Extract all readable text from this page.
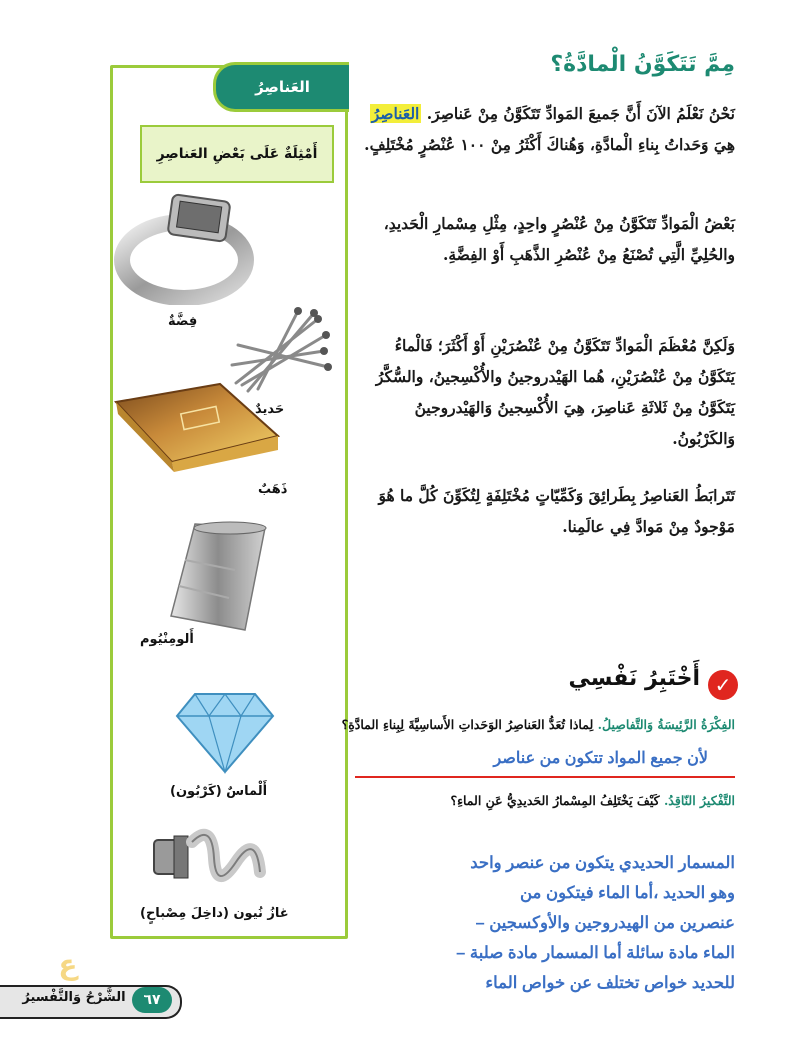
العَناصِرُ
أَمْثِلَةٌ عَلَى بَعْضِ العَناصِرِ
فِضَّةٌ
حَديدٌ
ذَهَبٌ
أَلومِنْيُوم
أَلْماسٌ (كَرْبُون)
غازُ نُيون (داخِلَ مِصْباحٍ)
مِمَّ تَتَكَوَّنُ الْمادَّةُ؟
نَحْنُ نَعْلَمُ الآنَ أَنَّ جَميعَ المَوادِّ تَتَكَوَّنُ مِنْ عَناصِرَ. العَناصِرُ هِيَ وَحَداتُ بِناءِ الْمادَّةِ، وَهُناكَ أَكْثَرُ مِنْ ١٠٠ عُنْصُرٍ مُخْتَلِفٍ.
بَعْضُ الْمَوادِّ تَتَكَوَّنُ مِنْ عُنْصُرٍ واحِدٍ، مِثْلِ مِسْمارِ الْحَديدِ، والحُلِيِّ الَّتِي تُصْنَعُ مِنْ عُنْصُرِ الذَّهَبِ أَوْ الفِضَّةِ.
وَلَكِنَّ مُعْظَمَ الْمَوادِّ تَتَكَوَّنُ مِنْ عُنْصُرَيْنِ أَوْ أَكْثَرَ؛ فَالْماءُ يَتَكَوَّنُ مِنْ عُنْصُرَيْنِ، هُما الهَيْدروجينُ والأُكْسِجينُ، والسُّكَّرُ يَتَكَوَّنُ مِنْ ثَلاثَةِ عَناصِرَ، هِيَ الأُكْسِجينُ وَالهَيْدروجينُ وَالكَرْبُونُ.
تَتَرابَطُ العَناصِرُ بِطَرائِقَ وَكَمِّيّاتٍ مُخْتَلِفَةٍ لِتُكَوِّنَ كُلَّ ما هُوَ مَوْجودٌ مِنْ مَوادَّ فِي عالَمِنا.
✓
أَخْتَبِرُ نَفْسِي
الفِكْرَةُ الرَّئِيسَةُ وَالتَّفاصِيلُ. لِماذا تُعَدُّ العَناصِرُ الوَحَداتِ الأَساسِيَّةَ لِبِناءِ المادَّةِ؟
لأن جميع المواد تتكون من عناصر
التَّفْكيرُ النّاقِدُ. كَيْفَ يَخْتَلِفُ المِسْمارُ الحَديدِيُّ عَنِ الماءِ؟
المسمار الحديدي يتكون من عنصر واحد
وهو الحديد ،أما الماء فيتكون من
عنصرين من الهيدروجين والأوكسجين –
الماء مادة سائلة أما المسمار مادة صلبة –
للحديد خواص تختلف عن خواص الماء
ع
الشَّرْحُ وَالتَّفْسيرُ	٦٧
